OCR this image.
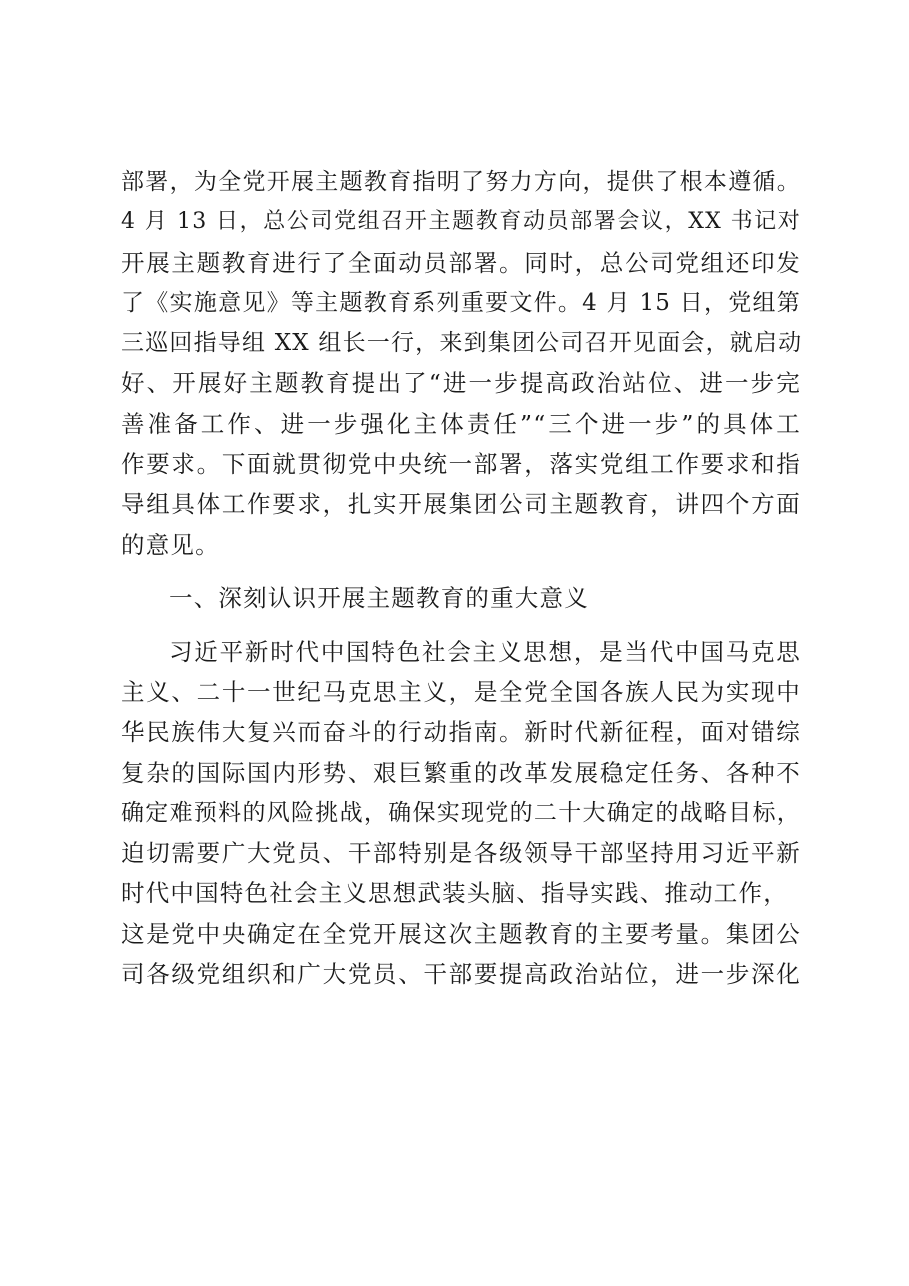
部署，为全党开展主题教育指明了努力方向，提供了根本遵循。
4 月 13 日，总公司党组召开主题教育动员部署会议，XX 书记对
开展主题教育进行了全面动员部署。同时，总公司党组还印发
了《实施意见》等主题教育系列重要文件。4 月 15 日，党组第
三巡回指导组 XX 组长一行，来到集团公司召开见面会，就启动
好、开展好主题教育提出了“进一步提高政治站位、进一步完
善准备工作、进一步强化主体责任”“三个进一步”的具体工
作要求。下面就贯彻党中央统一部署，落实党组工作要求和指
导组具体工作要求，扎实开展集团公司主题教育，讲四个方面
的意见。
一、深刻认识开展主题教育的重大意义
习近平新时代中国特色社会主义思想，是当代中国马克思
主义、二十一世纪马克思主义，是全党全国各族人民为实现中
华民族伟大复兴而奋斗的行动指南。新时代新征程，面对错综
复杂的国际国内形势、艰巨繁重的改革发展稳定任务、各种不
确定难预料的风险挑战，确保实现党的二十大确定的战略目标，
迫切需要广大党员、干部特别是各级领导干部坚持用习近平新
时代中国特色社会主义思想武装头脑、指导实践、推动工作，
这是党中央确定在全党开展这次主题教育的主要考量。集团公
司各级党组织和广大党员、干部要提高政治站位，进一步深化
